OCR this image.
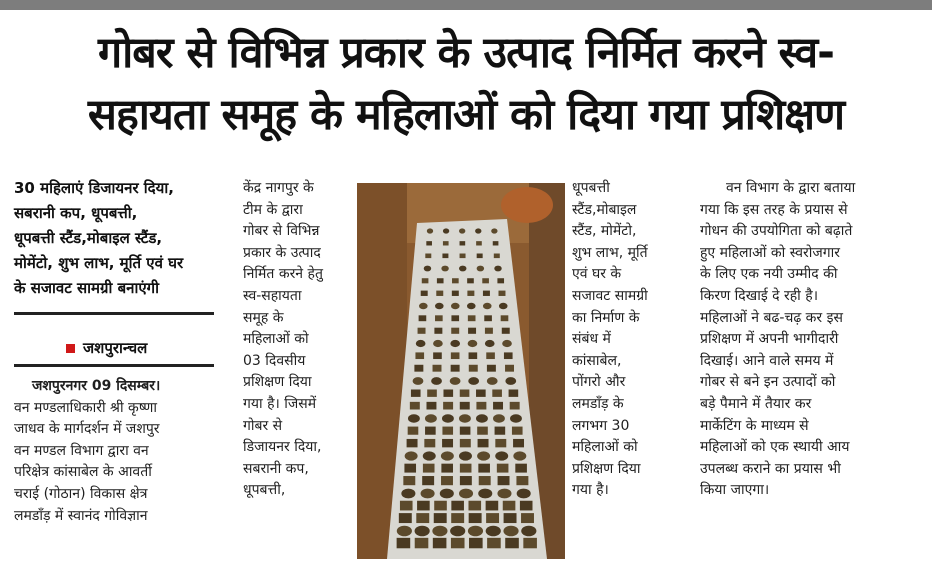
गोबर से विभिन्न प्रकार के उत्पाद निर्मित करने स्व-
सहायता समूह के महिलाओं को दिया गया प्रशिक्षण
30 महिलाएं डिजायनर दिया,
सबरानी कप, धूपबत्ती,
धूपबत्ती स्टैंड,मोबाइल स्टैंड,
मोमेंटो, शुभ लाभ, मूर्ति एवं घर
के सजावट सामग्री बनाएंगी
जशपुरान्चल

जशपुरनगर 09 दिसम्बर।

वन मण्डलाधिकारी श्री कृष्णा

जाधव के मार्गदर्शन में जशपुर

वन मण्डल विभाग द्वारा वन

परिक्षेत्र कांसाबेल के आवर्ती

चराई (गोठान) विकास क्षेत्र

लमडाँड़ में स्वानंद गोविज्ञान

केंद्र नागपुर के

टीम के द्वारा

गोबर से विभिन्न

प्रकार के उत्पाद

निर्मित करने हेतु

स्व-सहायता

समूह के

महिलाओं को

03 दिवसीय

प्रशिक्षण दिया

गया है। जिसमें

गोबर से

डिजायनर दिया,

सबरानी कप,

धूपबत्ती,

धूपबत्ती

स्टैंड,मोबाइल

स्टैंड, मोमेंटो,

शुभ लाभ, मूर्ति

एवं घर के

सजावट सामग्री

का निर्माण के

संबंध में

कांसाबेल,

पोंगरो और

लमडाँड़ के

लगभग 30

महिलाओं को

प्रशिक्षण दिया

गया है।

वन विभाग के द्वारा बताया

गया कि इस तरह के प्रयास से

गोधन की उपयोगिता को बढ़ाते

हुए महिलाओं को स्वरोजगार

के लिए एक नयी उम्मीद की

किरण दिखाई दे रही है।

महिलाओं ने बढ-चढ़ कर इस

प्रशिक्षण में अपनी भागीदारी

दिखाई। आने वाले समय में

गोबर से बने इन उत्पादों को

बड़े पैमाने में तैयार कर

मार्केटिंग के माध्यम से

महिलाओं को एक स्थायी आय

उपलब्ध कराने का प्रयास भी

किया जाएगा।
